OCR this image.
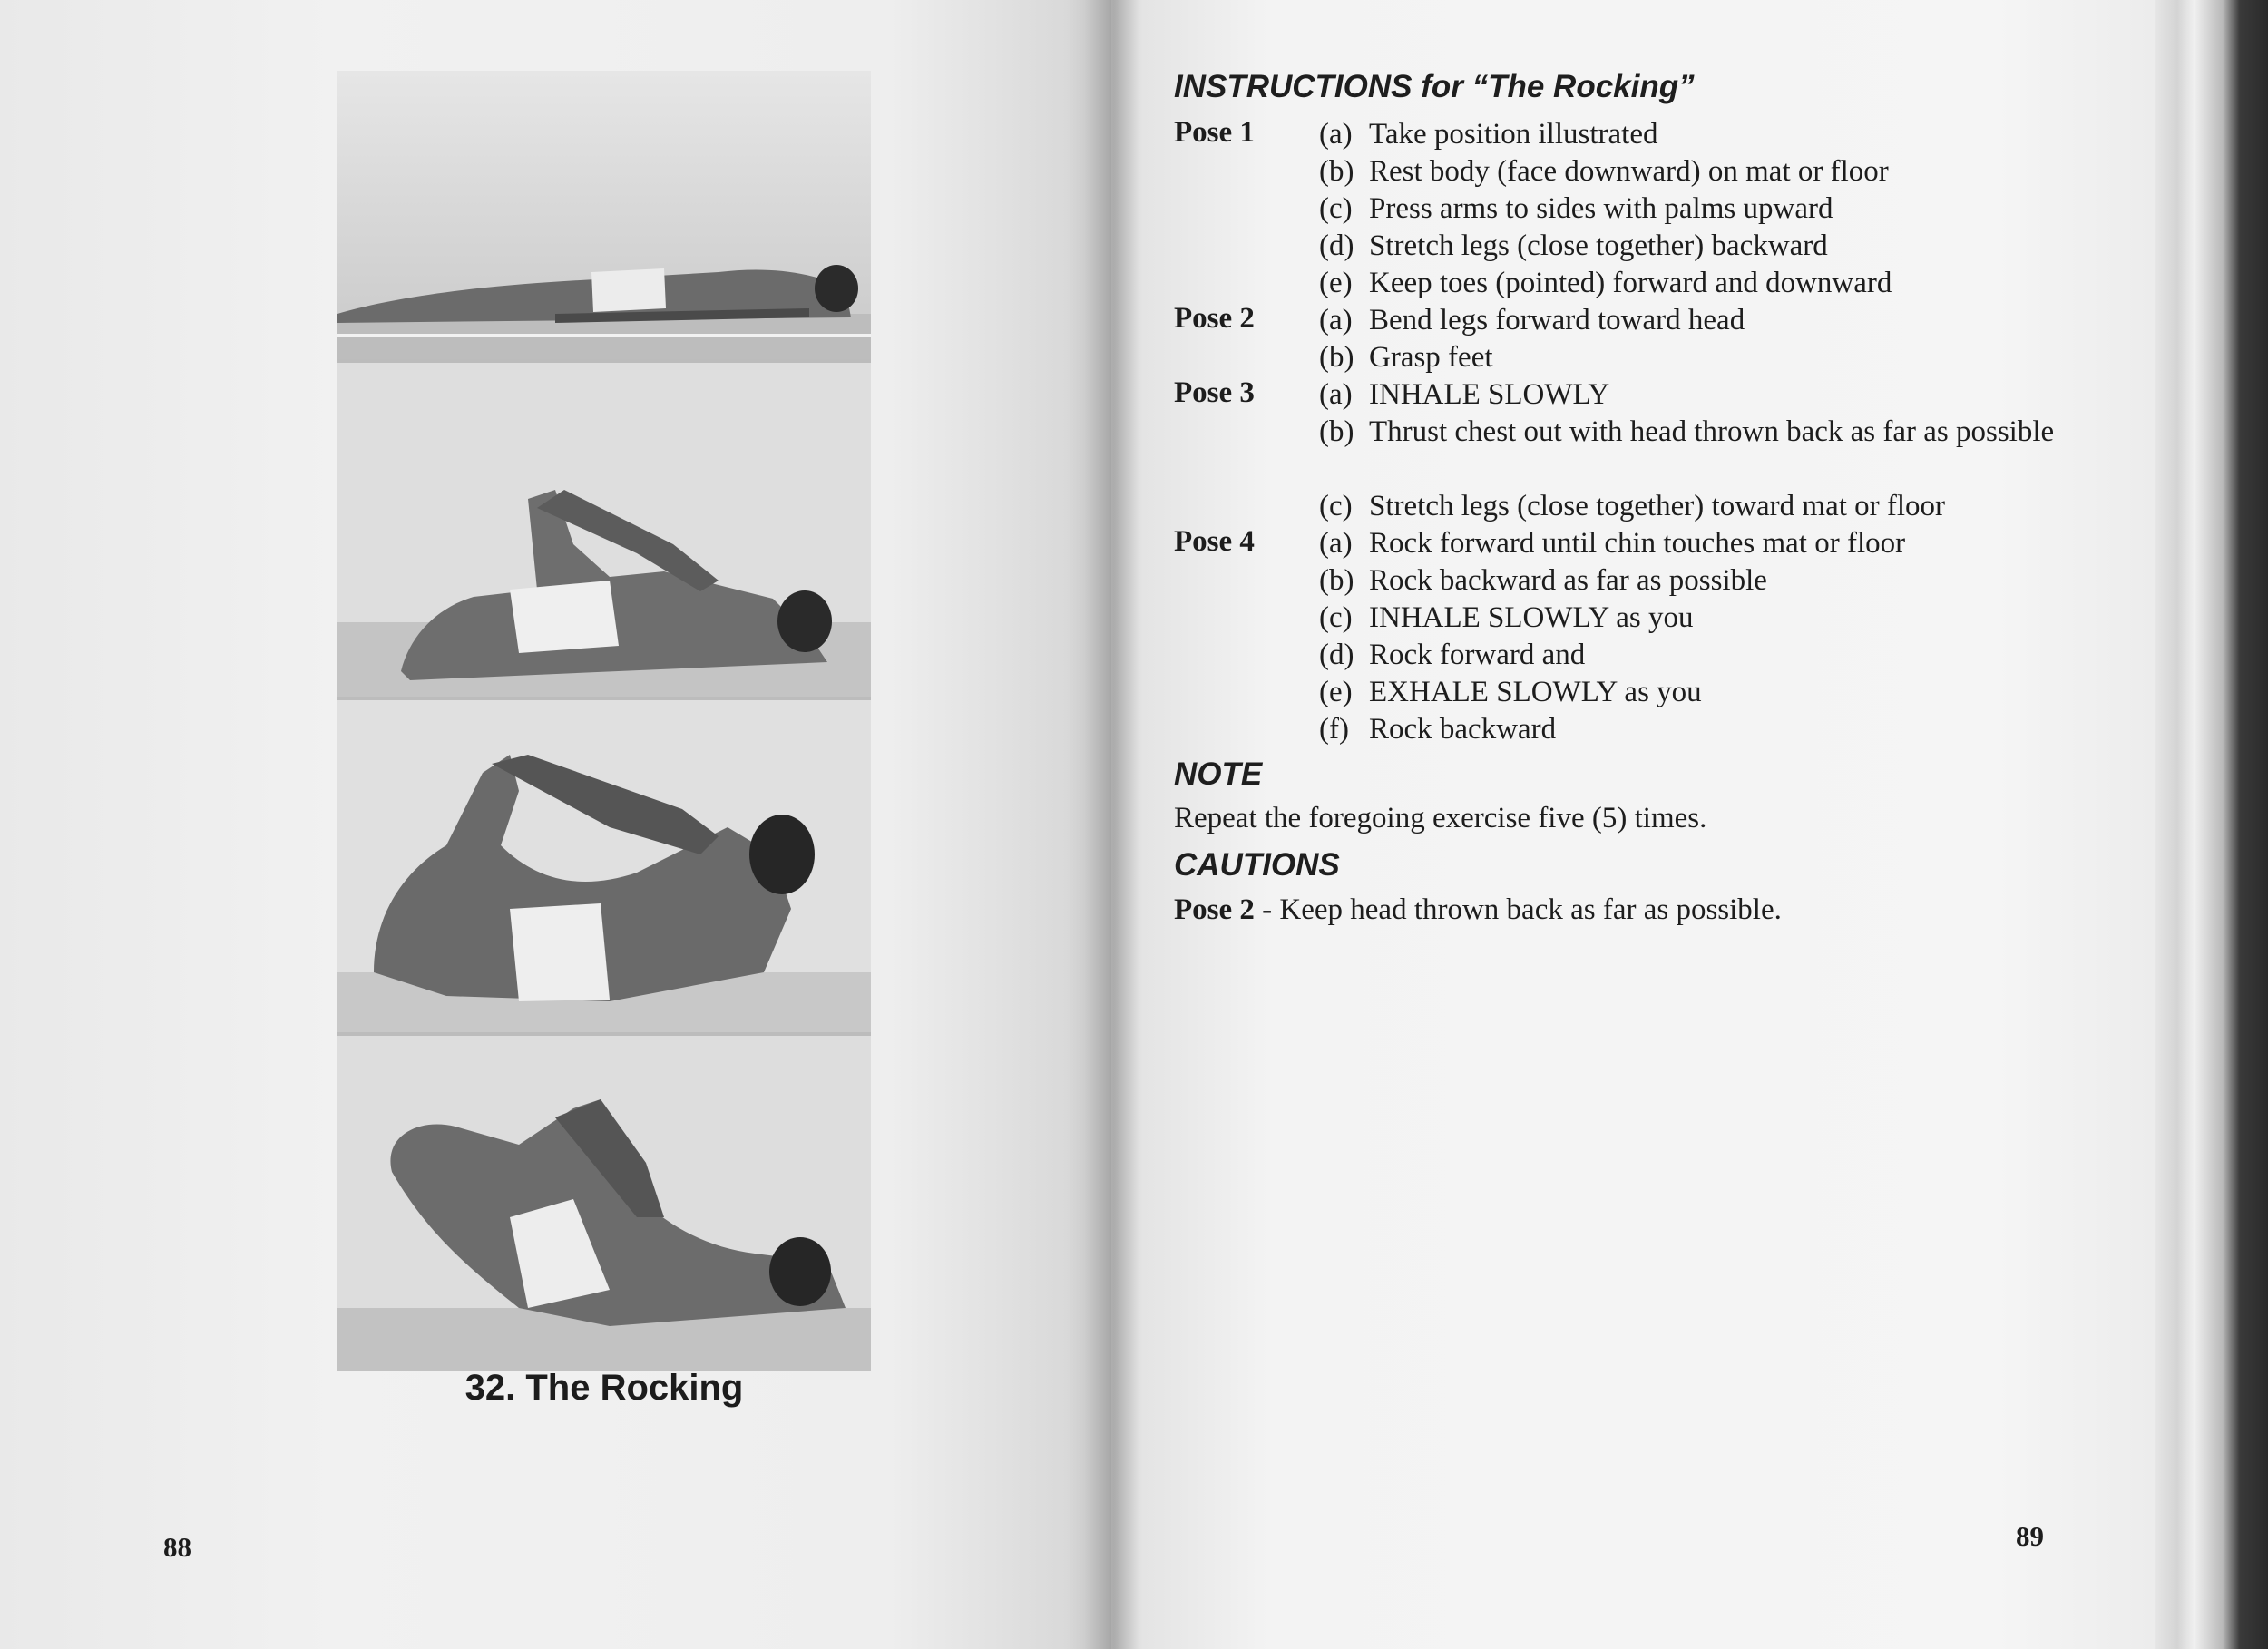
32. The Rocking
88
INSTRUCTIONS for “The Rocking”
Pose 1 (a) Take position illustrated
(b) Rest body (face downward) on mat or floor
(c) Press arms to sides with palms upward
(d) Stretch legs (close together) backward
(e) Keep toes (pointed) forward and downward
Pose 2 (a) Bend legs forward toward head
(b) Grasp feet
Pose 3 (a) INHALE SLOWLY
(b) Thrust chest out with head thrown back as far as possible
(c) Stretch legs (close together) toward mat or floor
Pose 4 (a) Rock forward until chin touches mat or floor
(b) Rock backward as far as possible
(c) INHALE SLOWLY as you
(d) Rock forward and
(e) EXHALE SLOWLY as you
(f) Rock backward
NOTE
Repeat the foregoing exercise five (5) times.
CAUTIONS
Pose 2 - Keep head thrown back as far as possible.
89
